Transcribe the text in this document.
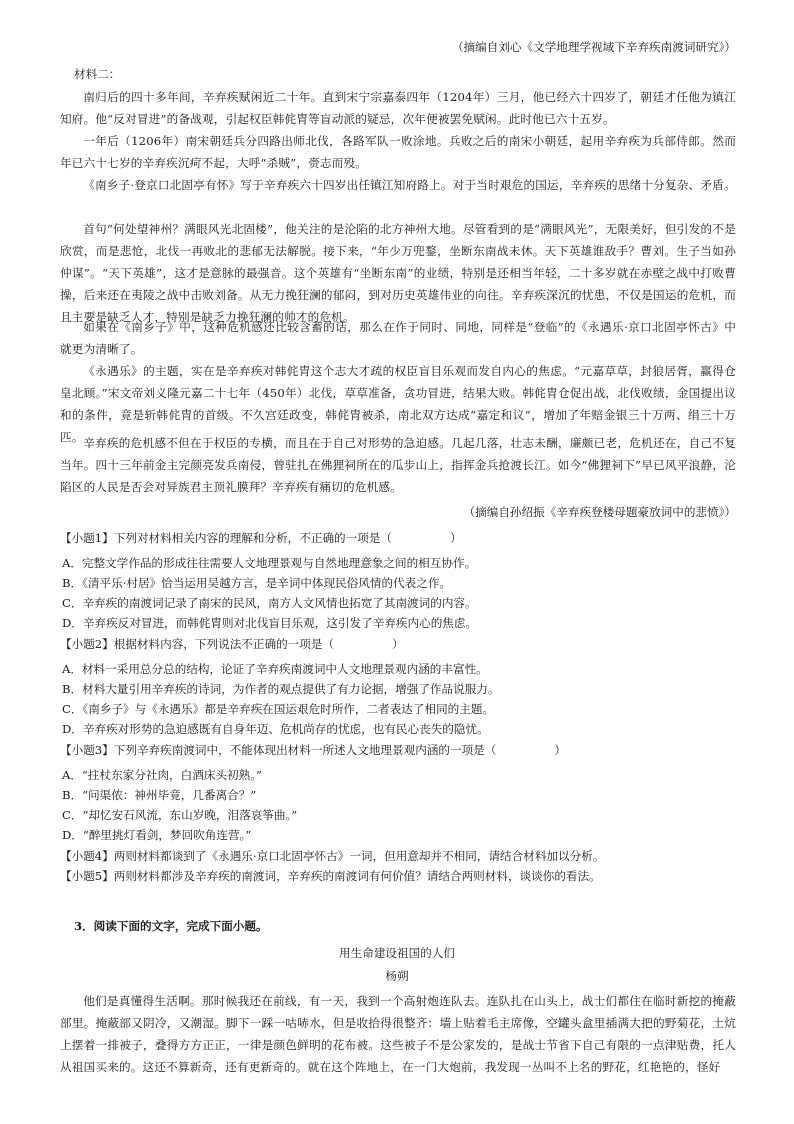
（摘编自刘心《文学地理学视域下辛弃疾南渡词研究》）
材料二：
南归后的四十多年间，辛弃疾赋闲近二十年。直到宋宁宗嘉泰四年（1204年）三月，他已经六十四岁了，朝廷才任他为镇江知府。他“反对冒进”的备战观，引起权臣韩侂胄等盲动派的疑忌，次年便被罢免赋闲。此时他已六十五岁。
一年后（1206年）南宋朝廷兵分四路出师北伐，各路军队一败涂地。兵败之后的南宋小朝廷，起用辛弃疾为兵部侍郎。然而年已六十七岁的辛弃疾沉疴不起，大呼“杀贼”，赍志而殁。
《南乡子·登京口北固亭有怀》写于辛弃疾六十四岁出任镇江知府路上。对于当时艰危的国运，辛弃疾的思绪十分复杂、矛盾。
首句“何处望神州？满眼风光北固楼”，他关注的是沦陷的北方神州大地。尽管看到的是“满眼风光”，无限美好，但引发的不是欣赏，而是悲怆，北伐一再败北的悲郁无法解脱。接下来，“年少万兜鍪，坐断东南战未休。天下英雄谁敌手？曹刘。生子当如孙仲谋”。“天下英雄”，这才是意脉的最强音。这个英雄有“坐断东南”的业绩，特别是还相当年轻，二十多岁就在赤壁之战中打败曹操，后来还在夷陵之战中击败刘备。从无力挽狂澜的郁闷，到对历史英雄伟业的向往。辛弃疾深沉的忧患，不仅是国运的危机，而且主要是缺乏人才，特别是缺乏力挽狂澜的帅才的危机。
如果在《南乡子》中，这种危机感还比较含蓄的话，那么在作于同时、同地，同样是“登临”的《永遇乐·京口北固亭怀古》中就更为清晰了。
《永遇乐》的主题，实在是辛弃疾对韩侂胄这个志大才疏的权臣盲目乐观而发自内心的焦虑。“元嘉草草，封狼居胥，赢得仓皇北顾。”宋文帝刘义隆元嘉二十七年（450年）北伐，草草准备，贪功冒进，结果大败。韩侂胄仓促出战，北伐败绩，金国提出议和的条件，竟是斩韩侂胄的首级。不久宫廷政变，韩侂胄被杀，南北双方达成“嘉定和议”，增加了年赔金银三十万两、绢三十万匹。 辛弃疾的危机感不但在于权臣的专横，而且在于自己对形势的急迫感。几起几落，壮志未酬，廉颇已老，危机还在，自己不复当年。四十三年前金主完颜亮发兵南侵，曾驻扎在佛狸祠所在的瓜步山上，指挥金兵抢渡长江。如今“佛狸祠下”早已风平浪静，沦陷区的人民是否会对异族君主顶礼膜拜？辛弃疾有痛切的危机感。
（摘编自孙绍振《辛弃疾登楼母题豪放词中的悲愤》）
【小题1】下列对材料相关内容的理解和分析，不正确的一项是（　　　　　）
A．完整文学作品的形成往往需要人文地理景观与自然地理意象之间的相互协作。
B．《清平乐·村居》恰当运用吴越方言，是辛词中体现民俗风情的代表之作。
C．辛弃疾的南渡词记录了南宋的民风，南方人文风情也拓宽了其南渡词的内容。
D．辛弃疾反对冒进，而韩侂胄则对北伐盲目乐观，这引发了辛弃疾内心的焦虑。
【小题2】根据材料内容，下列说法不正确的一项是（　　　　　）
A．材料一采用总分总的结构，论证了辛弃疾南渡词中人文地理景观内涵的丰富性。
B．材料大量引用辛弃疾的诗词，为作者的观点提供了有力论据，增强了作品说服力。
C．《南乡子》与《永遇乐》都是辛弃疾在国运艰危时所作，二者表达了相同的主题。
D．辛弃疾对形势的急迫感既有自身年迈、危机尚存的忧虑，也有民心丧失的隐忧。
【小题3】下列辛弃疾南渡词中，不能体现出材料一所述人文地理景观内涵的一项是（　　　　　）
A．“拄杖东家分社肉，白酒床头初熟。”
B．“问渠侬：神州毕竟，几番离合？”
C．“却忆安石风流，东山岁晚，泪落哀筝曲。”
D．“醉里挑灯看剑，梦回吹角连营。”
【小题4】两则材料都谈到了《永遇乐·京口北固亭怀古》一词，但用意却并不相同，请结合材料加以分析。
【小题5】两则材料都涉及辛弃疾的南渡词，辛弃疾的南渡词有何价值？请结合两则材料，谈谈你的看法。
3．阅读下面的文字，完成下面小题。
用生命建设祖国的人们
杨朔
他们是真懂得生活啊。那时候我还在前线，有一天，我到一个高射炮连队去。连队扎在山头上，战士们都住在临时新挖的掩蔽部里。掩蔽部又阴冷，又潮湿。脚下一踩一咕哧水，但是收拾得很整齐：墙上贴着毛主席像，空罐头盒里插满大把的野菊花，土炕上摆着一排被子，叠得方方正正，一律是颜色鲜明的花布被。这些被子不是公家发的，是战士节省下自己有限的一点津贴费，托人从祖国买来的。这还不算新奇，还有更新奇的。就在这个阵地上，在一门大炮前，我发现一丛叫不上名的野花，红艳艳的，怪好
